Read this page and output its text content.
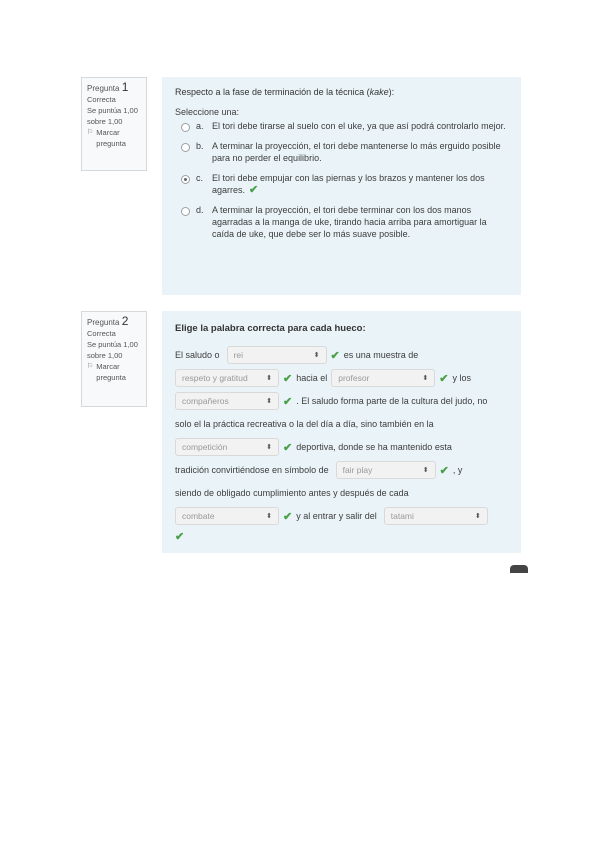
Pregunta 1
Correcta
Se puntúa 1,00 sobre 1,00
⚐ Marcar pregunta
Respecto a la fase de terminación de la técnica (kake):
Seleccione una:
a. El tori debe tirarse al suelo con el uke, ya que así podrá controlarlo mejor.
b. A terminar la proyección, el tori debe mantenerse lo más erguido posible para no perder el equilibrio.
c. El tori debe empujar con las piernas y los brazos y mantener los dos agarres. ✔
d. A terminar la proyección, el tori debe terminar con los dos manos agarradas a la manga de uke, tirando hacia arriba para amortiguar la caída de uke, que debe ser lo más suave posible.
Pregunta 2
Correcta
Se puntúa 1,00 sobre 1,00
⚐ Marcar pregunta
Elige la palabra correcta para cada hueco:
El saludo o rei	⬍ ✔ es una muestra de
respeto y gratitud	⬍ ✔ hacia el profesor	⬍ ✔ y los
compañeros	⬍ ✔ . El saludo forma parte de la cultura del judo, no
solo el la práctica recreativa o la del día a día, sino también en la
competición	⬍ ✔ deportiva, donde se ha mantenido esta
tradición convirtiéndose en símbolo de fair play	⬍ ✔ , y
siendo de obligado cumplimiento antes y después de cada
combate	⬍ ✔ y al entrar y salir del tatami	⬍
✔
